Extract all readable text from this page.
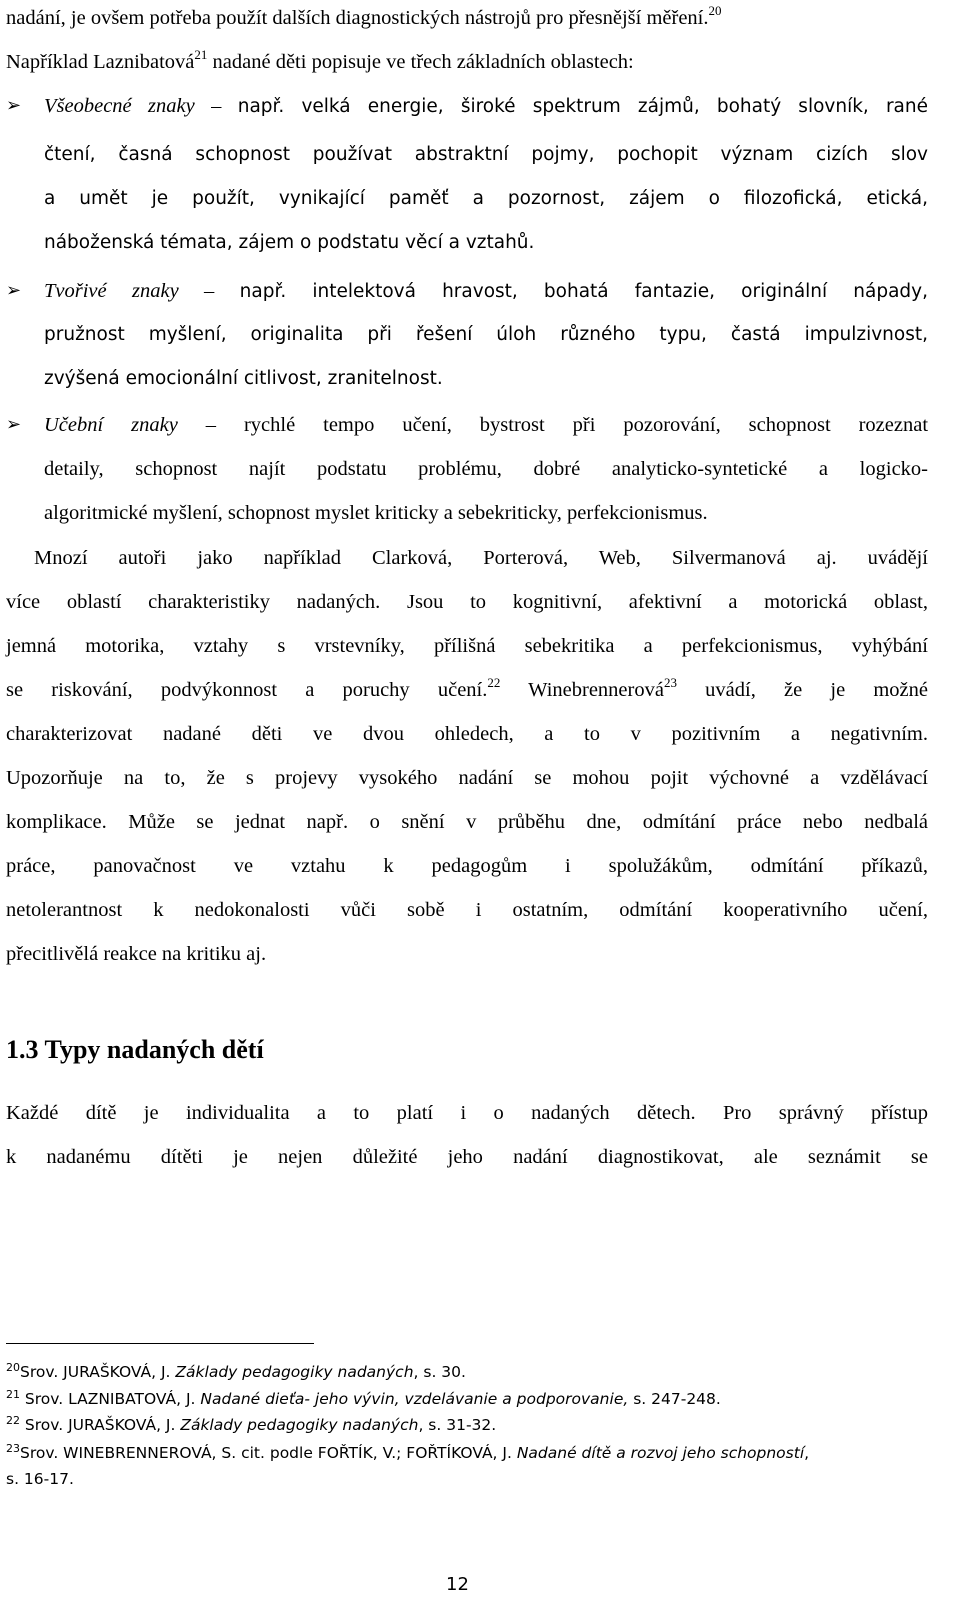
nadání, je ovšem potřeba použít dalších diagnostických nástrojů pro přesnější měření.$^{20}$
Například Laznibatová$^{21}$ nadané děti popisuje ve třech základních oblastech:
➢ Všeobecné znaky – např. velká energie, široké spektrum zájmů, bohatý slovník, rané
čtení, časná schopnost používat abstraktní pojmy, pochopit význam cizích slov
a umět je použít, vynikající paměť a pozornost, zájem o filozofická, etická,
náboženská témata, zájem o podstatu věcí a vztahů.
➢ Tvořivé znaky – např. intelektová hravost, bohatá fantazie, originální nápady,
pružnost myšlení, originalita při řešení úloh různého typu, častá impulzivnost,
zvýšená emocionální citlivost, zranitelnost.
➢ Učební znaky – rychlé tempo učení, bystrost při pozorování, schopnost rozeznat
detaily, schopnost najít podstatu problému, dobré analyticko-syntetické a logicko-
algoritmické myšlení, schopnost myslet kriticky a sebekriticky, perfekcionismus.
Mnozí autoři jako například Clarková, Porterová, Web, Silvermanová aj. uvádějí
více oblastí charakteristiky nadaných. Jsou to kognitivní, afektivní a motorická oblast,
jemná motorika, vztahy s vrstevníky, přílišná sebekritika a perfekcionismus, vyhýbání
se riskování, podvýkonnost a poruchy učení.$^{22}$ Winebrennerová$^{23}$ uvádí, že je možné
charakterizovat nadané děti ve dvou ohledech, a to v pozitivním a negativním.
Upozorňuje na to, že s projevy vysokého nadání se mohou pojit výchovné a vzdělávací
komplikace. Může se jednat např. o snění v průběhu dne, odmítání práce nebo nedbalá
práce, panovačnost ve vztahu k pedagogům i spolužákům, odmítání příkazů,
netolerantnost k nedokonalosti vůči sobě i ostatním, odmítání kooperativního učení,
přecitlivělá reakce na kritiku aj.
1.3 Typy nadaných dětí
Každé dítě je individualita a to platí i o nadaných dětech. Pro správný přístup
k nadanému dítěti je nejen důležité jeho nadání diagnostikovat, ale seznámit se
$^{20}$Srov. JURAŠKOVÁ, J. Základy pedagogiky nadaných, s. 30.
$^{21}$ Srov. LAZNIBATOVÁ, J. Nadané dieťa- jeho vývin, vzdelávanie a podporovanie, s. 247-248.
$^{22}$ Srov. JURAŠKOVÁ, J. Základy pedagogiky nadaných, s. 31-32.
$^{23}$Srov. WINEBRENNEROVÁ, S. cit. podle FOŘTÍK, V.; FOŘTÍKOVÁ, J. Nadané dítě a rozvoj jeho schopností,
s. 16-17.
12
